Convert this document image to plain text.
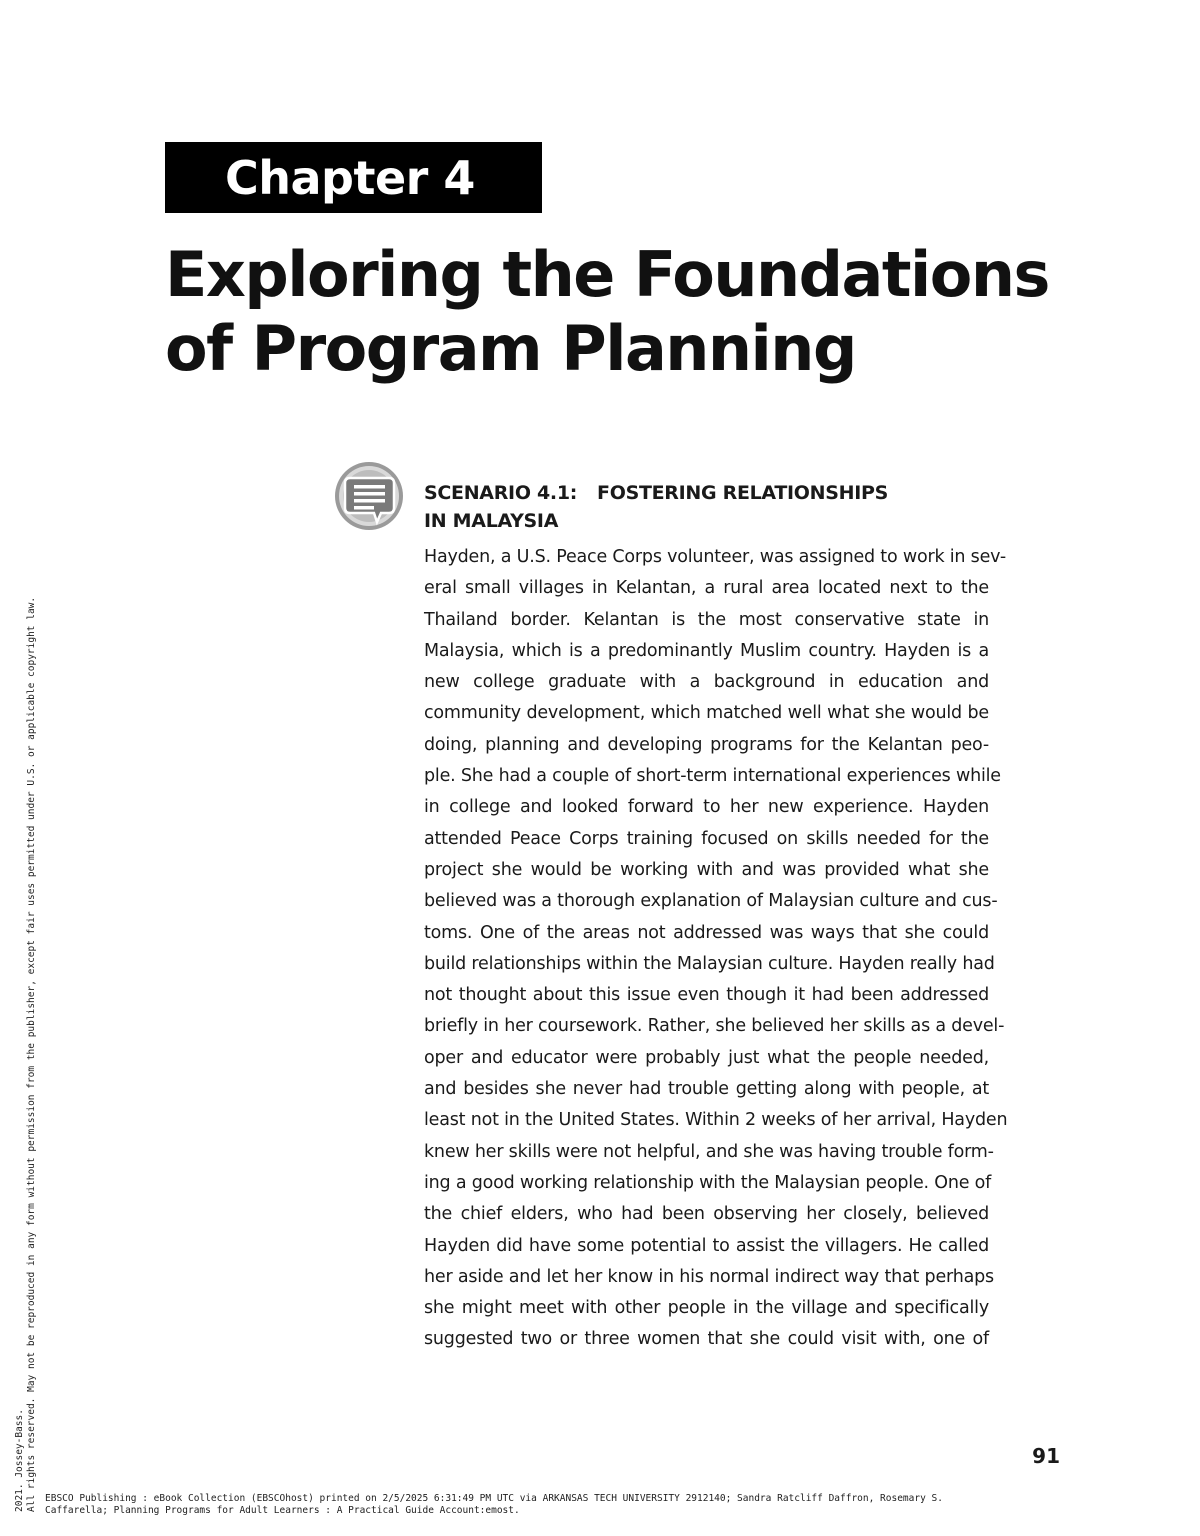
Chapter 4
Exploring the Foundations
of Program Planning
SCENARIO 4.1: FOSTERING RELATIONSHIPS
IN MALAYSIA
Hayden, a U.S. Peace Corps volunteer, was assigned to work in sev-
eral small villages in Kelantan, a rural area located next to the
Thailand border. Kelantan is the most conservative state in
Malaysia, which is a predominantly Muslim country. Hayden is a
new college graduate with a background in education and
community development, which matched well what she would be
doing, planning and developing programs for the Kelantan peo-
ple. She had a couple of short-term international experiences while
in college and looked forward to her new experience. Hayden
attended Peace Corps training focused on skills needed for the
project she would be working with and was provided what she
believed was a thorough explanation of Malaysian culture and cus-
toms. One of the areas not addressed was ways that she could
build relationships within the Malaysian culture. Hayden really had
not thought about this issue even though it had been addressed
briefly in her coursework. Rather, she believed her skills as a devel-
oper and educator were probably just what the people needed,
and besides she never had trouble getting along with people, at
least not in the United States. Within 2 weeks of her arrival, Hayden
knew her skills were not helpful, and she was having trouble form-
ing a good working relationship with the Malaysian people. One of
the chief elders, who had been observing her closely, believed
Hayden did have some potential to assist the villagers. He called
her aside and let her know in his normal indirect way that perhaps
she might meet with other people in the village and specifically
suggested two or three women that she could visit with, one of
91
2021. Jossey-Bass. All rights reserved. May not be reproduced in any form without permission from the publisher, except fair uses permitted under U.S. or applicable copyright law. EBSCO Publishing : eBook Collection (EBSCOhost) printed on 2/5/2025 6:31:49 PM UTC via ARKANSAS TECH UNIVERSITY 2912140; Sandra Ratcliff Daffron, Rosemary S.
Caffarella; Planning Programs for Adult Learners : A Practical Guide Account:emost.
